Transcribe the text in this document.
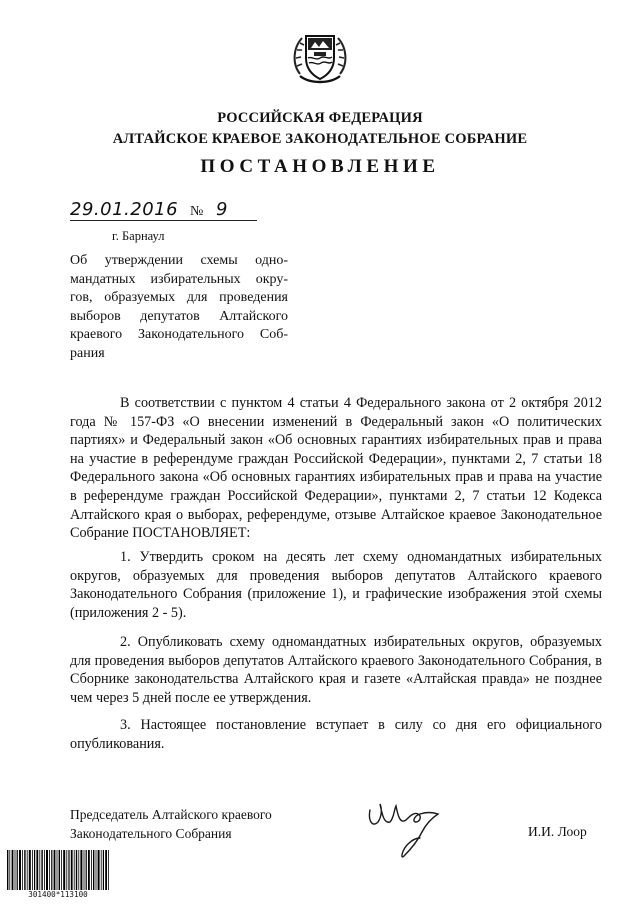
РОССИЙСКАЯ ФЕДЕРАЦИЯ
АЛТАЙСКОЕ КРАЕВОЕ ЗАКОНОДАТЕЛЬНОЕ СОБРАНИЕ
ПОСТАНОВЛЕНИЕ
29.01.2016 № 9
г. Барнаул
Об утверждении схемы одно-
мандатных избирательных окру-
гов, образуемых для проведения
выборов депутатов Алтайского
краевого Законодательного Соб-
рания
В соответствии с пунктом 4 статьи 4 Федерального закона от 2 октября 2012 года № 157-ФЗ «О внесении изменений в Федеральный закон «О политических партиях» и Федеральный закон «Об основных гарантиях избирательных прав и права на участие в референдуме граждан Российской Федерации», пунктами 2, 7 статьи 18 Федерального закона «Об основных гарантиях избирательных прав и права на участие в референдуме граждан Российской Федерации», пунктами 2, 7 статьи 12 Кодекса Алтайского края о выборах, референдуме, отзыве Алтайское краевое Законодательное Собрание ПОСТАНОВЛЯЕТ:
1. Утвердить сроком на десять лет схему одномандатных избирательных округов, образуемых для проведения выборов депутатов Алтайского краевого Законодательного Собрания (приложение 1), и графические изображения этой схемы (приложения 2 - 5).
2. Опубликовать схему одномандатных избирательных округов, образуемых для проведения выборов депутатов Алтайского краевого Законодательного Собрания, в Сборнике законодательства Алтайского края и газете «Алтайская правда» не позднее чем через 5 дней после ее утверждения.
3. Настоящее постановление вступает в силу со дня его официального опубликования.
Председатель Алтайского краевого
Законодательного Собрания	И.И. Лоор
301400*113100
